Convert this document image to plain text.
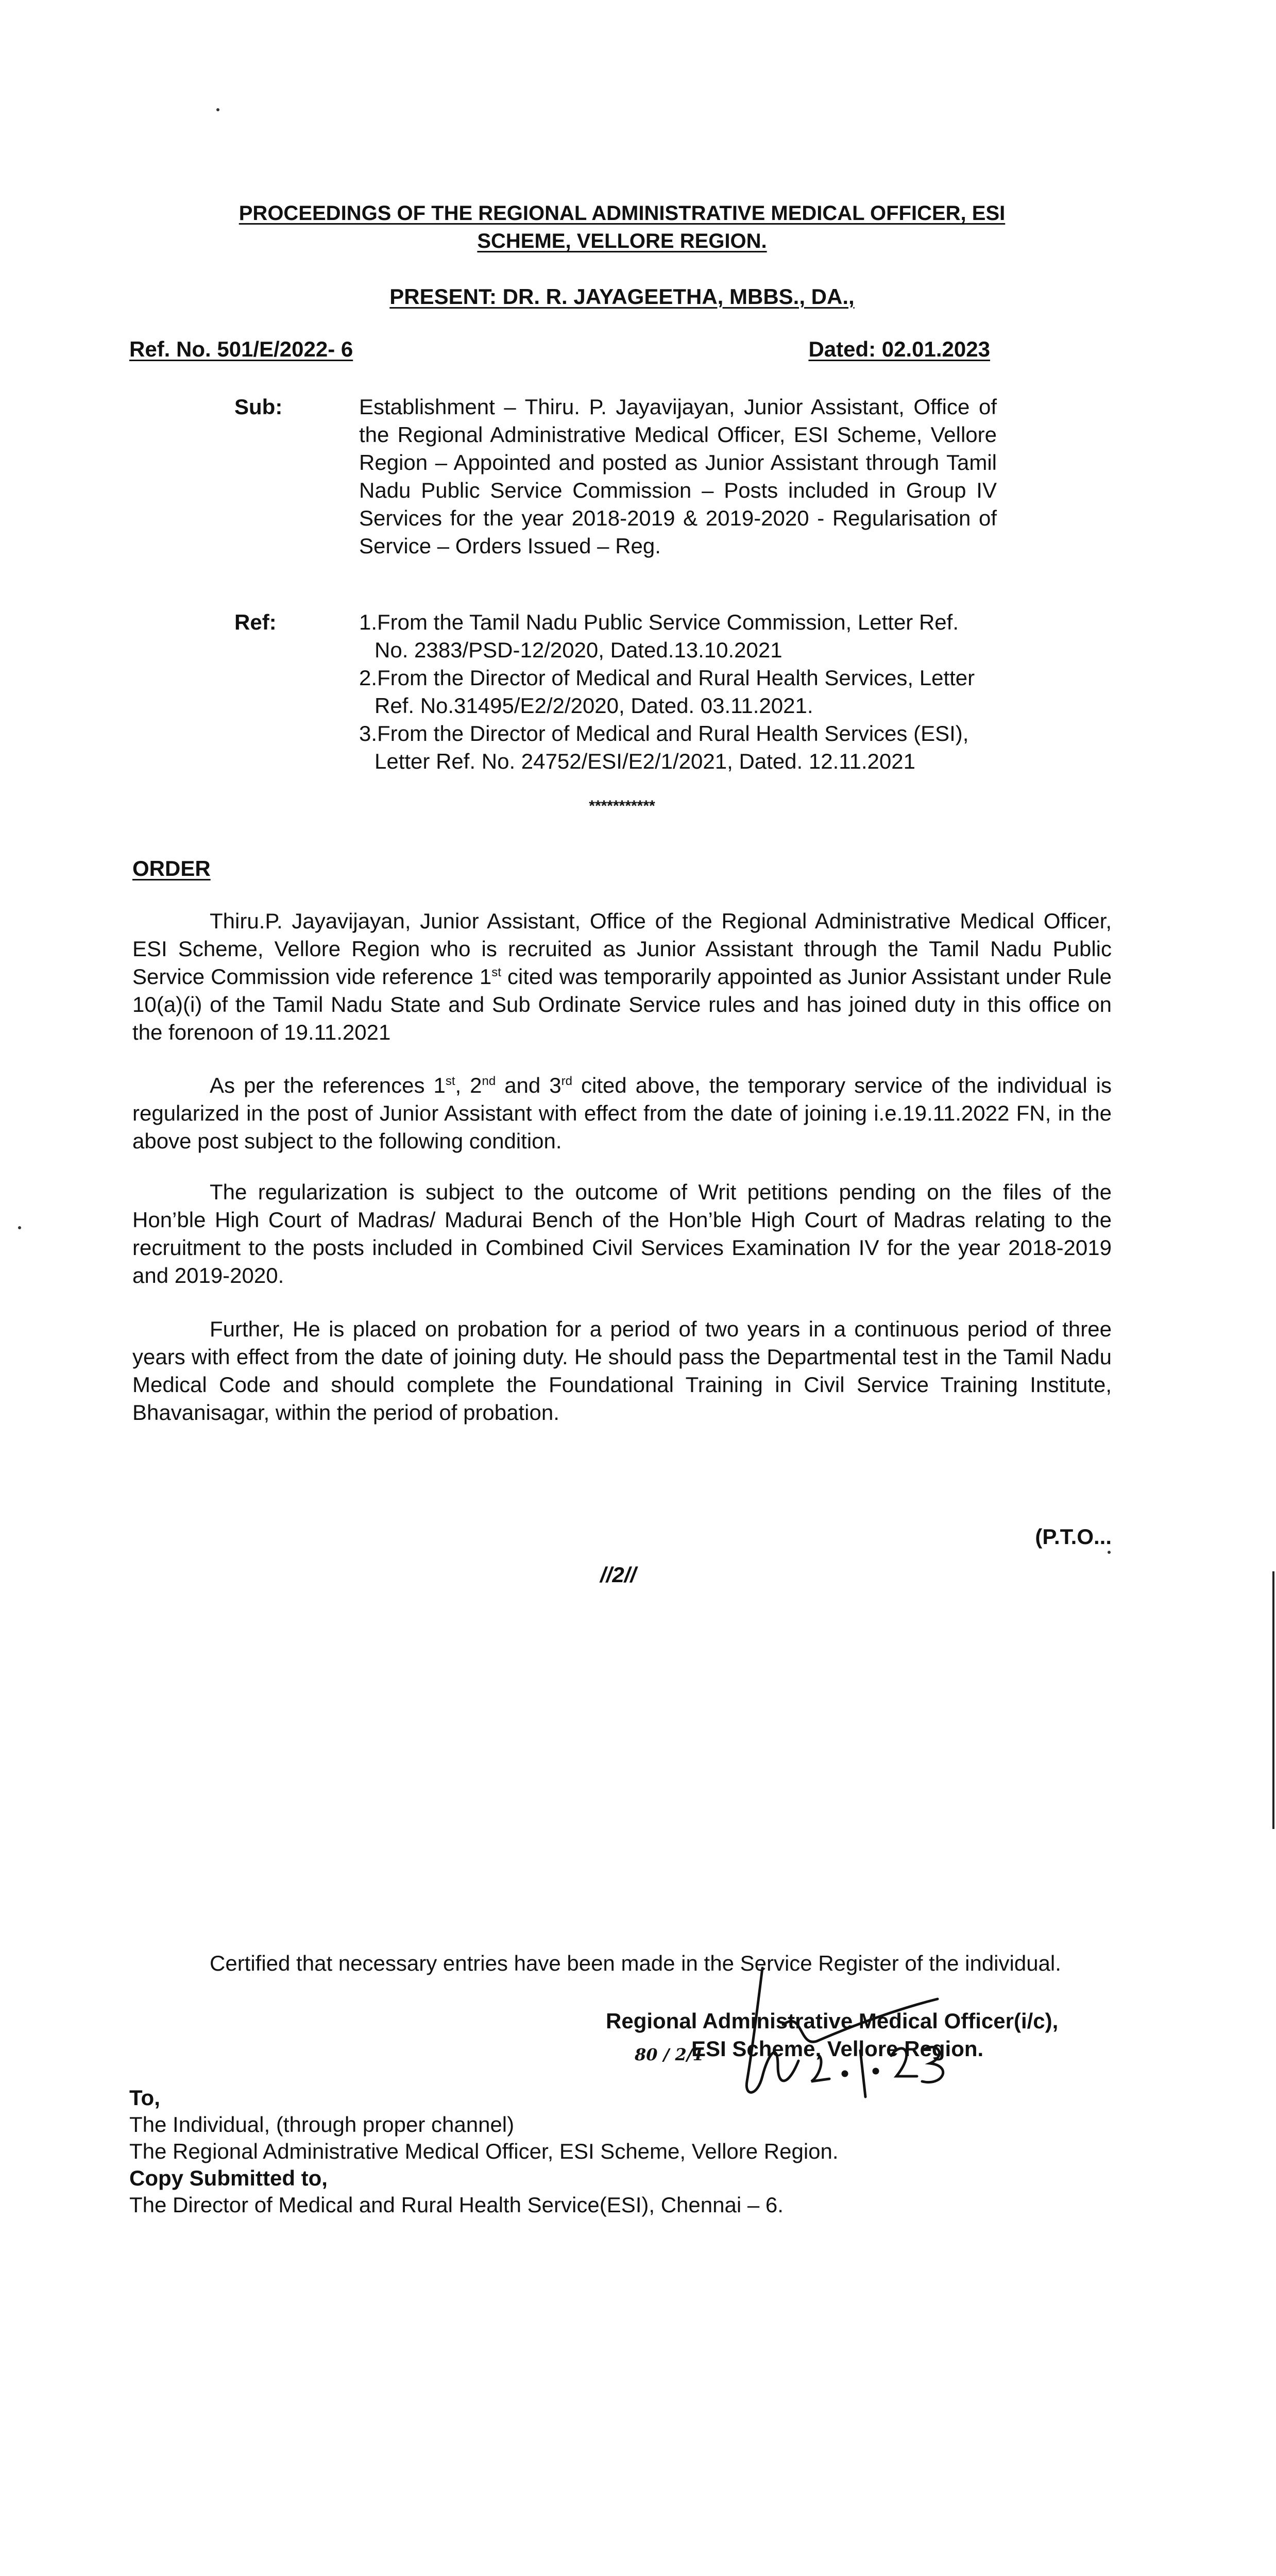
PROCEEDINGS OF THE REGIONAL ADMINISTRATIVE MEDICAL OFFICER, ESI
SCHEME, VELLORE REGION.
PRESENT: DR. R. JAYAGEETHA, MBBS., DA.,
Ref. No. 501/E/2022- 6	Dated: 02.01.2023
Sub:	Establishment – Thiru. P. Jayavijayan, Junior Assistant, Office of the Regional Administrative Medical Officer, ESI Scheme, Vellore Region – Appointed and posted as Junior Assistant through Tamil Nadu Public Service Commission – Posts included in Group IV Services for the year 2018-2019 & 2019-2020 - Regularisation of Service – Orders Issued – Reg.
Ref:	1.From the Tamil Nadu Public Service Commission, Letter Ref. No. 2383/PSD-12/2020, Dated.13.10.2021
2.From the Director of Medical and Rural Health Services, Letter Ref. No.31495/E2/2/2020, Dated. 03.11.2021.
3.From the Director of Medical and Rural Health Services (ESI), Letter Ref. No. 24752/ESI/E2/1/2021, Dated. 12.11.2021
***********
ORDER
Thiru.P. Jayavijayan, Junior Assistant, Office of the Regional Administrative Medical Officer, ESI Scheme, Vellore Region who is recruited as Junior Assistant through the Tamil Nadu Public Service Commission vide reference 1st cited was temporarily appointed as Junior Assistant under Rule 10(a)(i) of the Tamil Nadu State and Sub Ordinate Service rules and has joined duty in this office on the forenoon of 19.11.2021
As per the references 1st, 2nd and 3rd cited above, the temporary service of the individual is regularized in the post of Junior Assistant with effect from the date of joining i.e.19.11.2022 FN, in the above post subject to the following condition.
The regularization is subject to the outcome of Writ petitions pending on the files of the Hon’ble High Court of Madras/ Madurai Bench of the Hon’ble High Court of Madras relating to the recruitment to the posts included in Combined Civil Services Examination IV for the year 2018-2019 and 2019-2020.
Further, He is placed on probation for a period of two years in a continuous period of three years with effect from the date of joining duty. He should pass the Departmental test in the Tamil Nadu Medical Code and should complete the Foundational Training in Civil Service Training Institute, Bhavanisagar, within the period of probation.
(P.T.O...
//2//
Certified that necessary entries have been made in the Service Register of the individual.
Regional Administrative Medical Officer(i/c),
80 / 2/1
ESI Scheme, Vellore Region.
To,
The Individual, (through proper channel)
The Regional Administrative Medical Officer, ESI Scheme, Vellore Region.
Copy Submitted to,
The Director of Medical and Rural Health Service(ESI), Chennai – 6.
